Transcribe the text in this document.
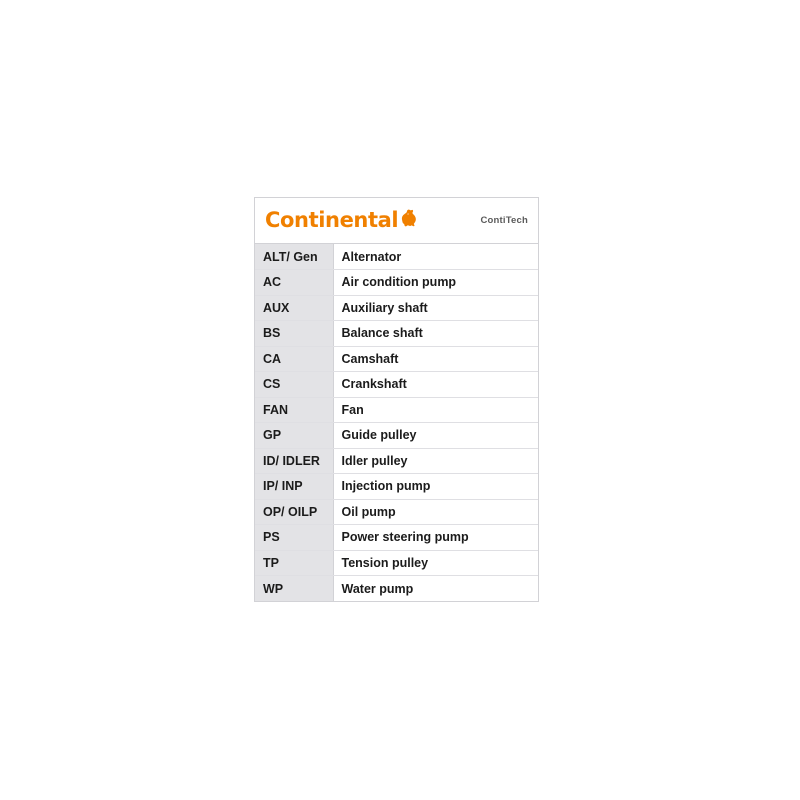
Continental	ContiTech
ALT/ Gen	Alternator
AC	Air condition pump
AUX	Auxiliary shaft
BS	Balance shaft
CA	Camshaft
CS	Crankshaft
FAN	Fan
GP	Guide pulley
ID/ IDLER	Idler pulley
IP/ INP	Injection pump
OP/ OILP	Oil pump
PS	Power steering pump
TP	Tension pulley
WP	Water pump
